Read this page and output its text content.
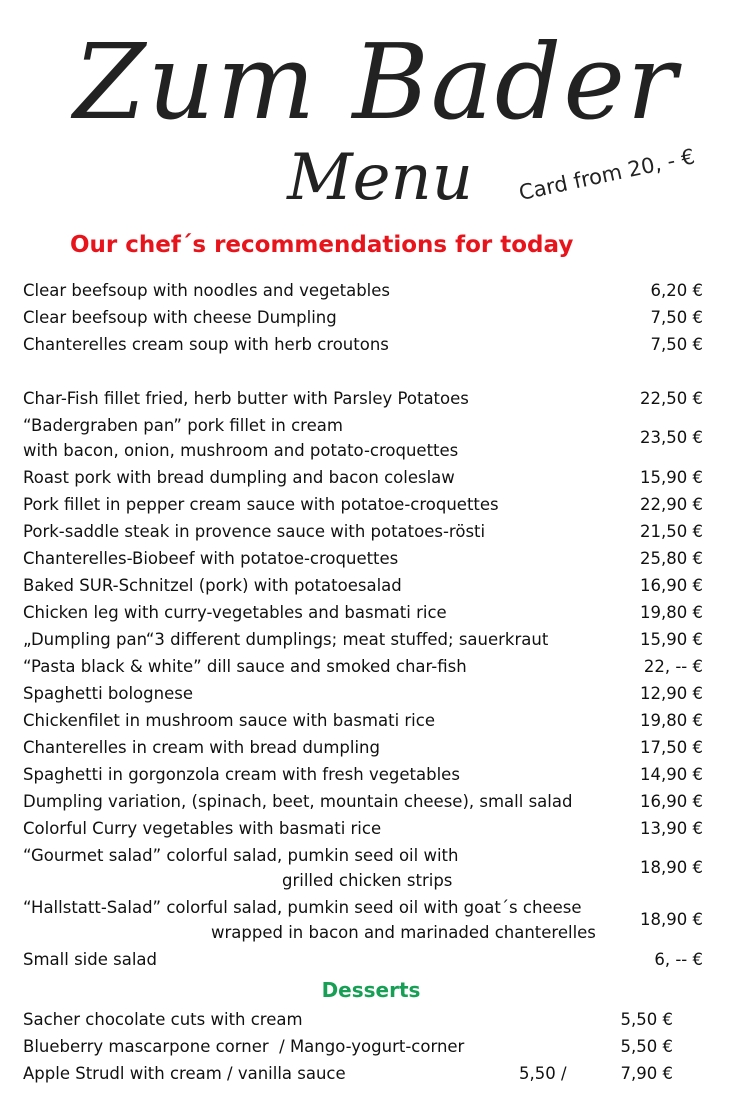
Zum Bader
Menu	Card from 20, - €
Our chef´s recommendations for today
Clear beefsoup with noodles and vegetables	6,20 €
Clear beefsoup with cheese Dumpling	7,50 €
Chanterelles cream soup with herb croutons	7,50 €
Char-Fish fillet fried, herb butter with Parsley Potatoes	22,50 €
“Badergraben pan” pork fillet in cream
with bacon, onion, mushroom and potato-croquettes
23,50 €
Roast pork with bread dumpling and bacon coleslaw	15,90 €
Pork fillet in pepper cream sauce with potatoe-croquettes	22,90 €
Pork-saddle steak in provence sauce with potatoes-rösti	21,50 €
Chanterelles-Biobeef with potatoe-croquettes	25,80 €
Baked SUR-Schnitzel (pork) with potatoesalad	16,90 €
Chicken leg with curry-vegetables and basmati rice	19,80 €
„Dumpling pan“3 different dumplings; meat stuffed; sauerkraut	15,90 €
“Pasta black & white” dill sauce and smoked char-fish	22, -- €
Spaghetti bolognese	12,90 €
Chickenfilet in mushroom sauce with basmati rice	19,80 €
Chanterelles in cream with bread dumpling	17,50 €
Spaghetti in gorgonzola cream with fresh vegetables	14,90 €
Dumpling variation, (spinach, beet, mountain cheese), small salad	16,90 €
Colorful Curry vegetables with basmati rice	13,90 €
“Gourmet salad” colorful salad, pumkin seed oil with
grilled chicken strips
18,90 €
“Hallstatt-Salad” colorful salad, pumkin seed oil with goat´s cheese
wrapped in bacon and marinaded chanterelles
18,90 €
Small side salad	6, -- €
Desserts
Sacher chocolate cuts with cream	5,50 €
Blueberry mascarpone corner  / Mango-yogurt-corner	5,50 €
Apple Strudl with cream / vanilla sauce	5,50 /	7,90 €
